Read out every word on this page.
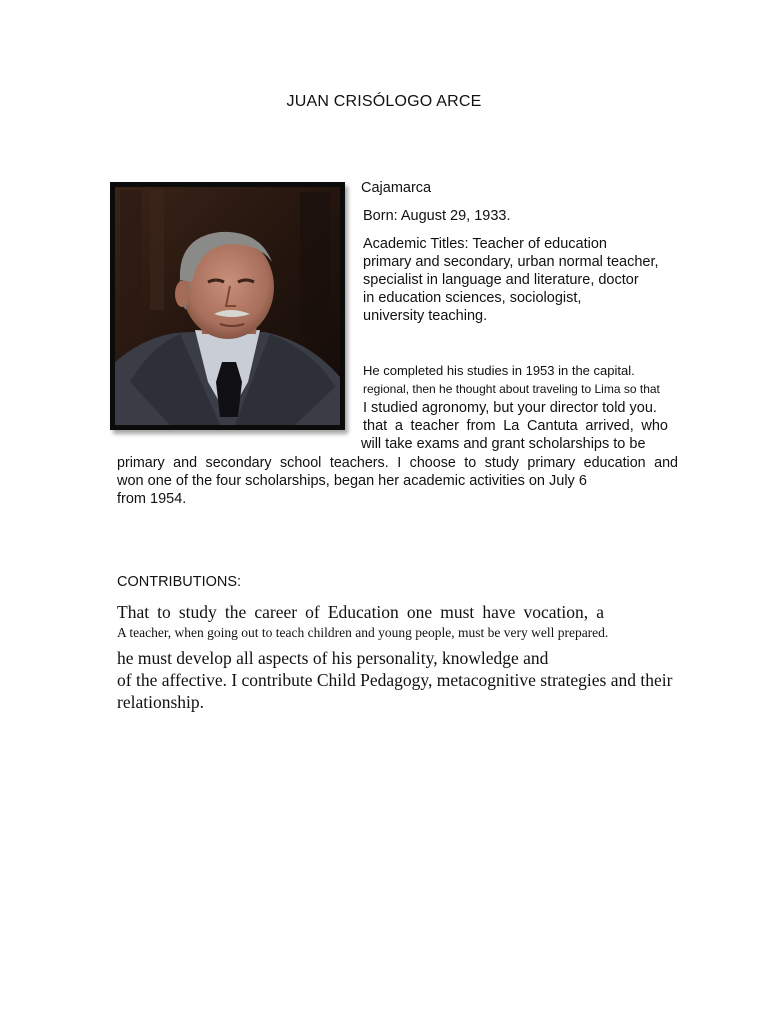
JUAN CRISÓLOGO ARCE
Cajamarca
Born: August 29, 1933.
Academic Titles: Teacher of education
primary and secondary, urban normal teacher,
specialist in language and literature, doctor
in education sciences, sociologist,
university teaching.
He completed his studies in 1953 in the capital.
regional, then he thought about traveling to Lima so that
I studied agronomy, but your director told you.
that a teacher from La Cantuta arrived, who
will take exams and grant scholarships to be
primary and secondary school teachers. I choose to study primary education and
won one of the four scholarships, began her academic activities on July 6
from 1954.
CONTRIBUTIONS:
That to study the career of Education one must have vocation, a
A teacher, when going out to teach children and young people, must be very well prepared.
he must develop all aspects of his personality, knowledge and
of the affective. I contribute Child Pedagogy, metacognitive strategies and their
relationship.
